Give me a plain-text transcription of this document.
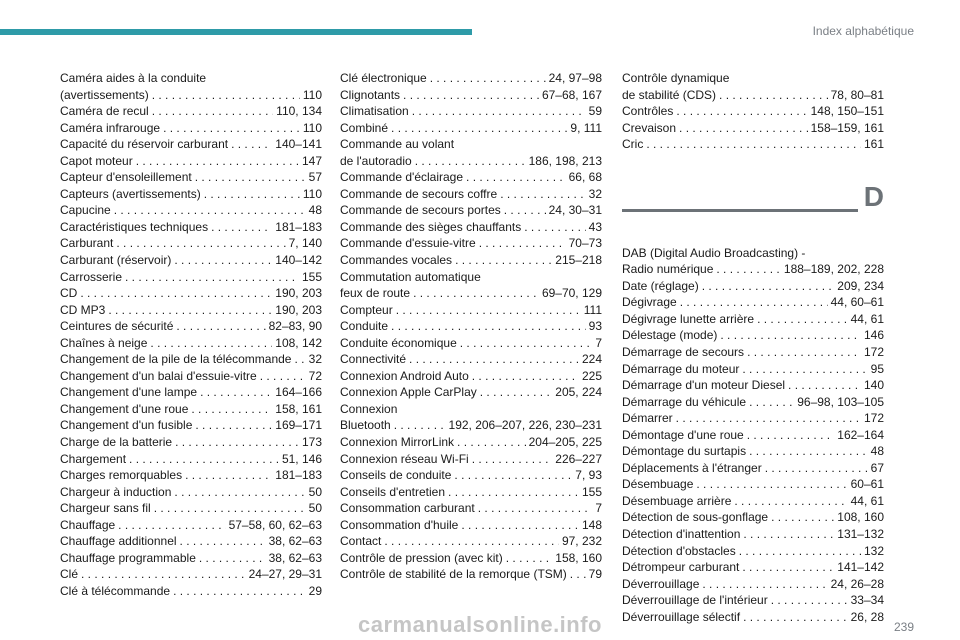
Index alphabétique
Caméra aides à la conduite
(avertissements) . . .	110
Caméra de recul . . .	110, 134
Caméra infrarouge . . .	110
Capacité du réservoir carburant . . .	140–141
Capot moteur . . .	147
Capteur d'ensoleillement . . .	57
Capteurs (avertissements) . . .	110
Capucine . . .	48
Caractéristiques techniques . . .	181–183
Carburant . . .	7, 140
Carburant (réservoir) . . .	140–142
Carrosserie . . .	155
CD . . .	190, 203
CD MP3 . . .	190, 203
Ceintures de sécurité . . .	82–83, 90
Chaînes à neige . . .	108, 142
Changement de la pile de la télécommande . . . 32
Changement d'un balai d'essuie-vitre . . .	72
Changement d'une lampe . . .	164–166
Changement d'une roue . . .	158, 161
Changement d'un fusible . . .	169–171
Charge de la batterie . . .	173
Chargement . . .	51, 146
Charges remorquables . . .	181–183
Chargeur à induction . . .	50
Chargeur sans fil . . .	50
Chauffage . . .	57–58, 60, 62–63
Chauffage additionnel . . .	38, 62–63
Chauffage programmable . . .	38, 62–63
Clé . . .	24–27, 29–31
Clé à télécommande . . .	29
Clé électronique . . .	24, 97–98
Clignotants . . .	67–68, 167
Climatisation . . .	59
Combiné . . .	9, 111
Commande au volant
de l'autoradio . . .	186, 198, 213
Commande d'éclairage . . .	66, 68
Commande de secours coffre . . .	32
Commande de secours portes . . .	24, 30–31
Commande des sièges chauffants . . .	43
Commande d'essuie-vitre . . .	70–73
Commandes vocales . . .	215–218
Commutation automatique
feux de route . . .	69–70, 129
Compteur . . .	111
Conduite . . .	93
Conduite économique . . .	7
Connectivité . . .	224
Connexion Android Auto . . .	225
Connexion Apple CarPlay . . .	205, 224
Connexion
Bluetooth . . .	192, 206–207, 226, 230–231
Connexion MirrorLink . . .	204–205, 225
Connexion réseau Wi-Fi . . .	226–227
Conseils de conduite . . .	7, 93
Conseils d'entretien . . .	155
Consommation carburant . . .	7
Consommation d'huile . . .	148
Contact . . .	97, 232
Contrôle de pression (avec kit) . . .	158, 160
Contrôle de stabilité de la remorque (TSM) . . . 79
Contrôle dynamique
de stabilité (CDS) . . .	78, 80–81
Contrôles . . .	148, 150–151
Crevaison . . .	158–159, 161
Cric . . .	161
D
DAB (Digital Audio Broadcasting) -
Radio numérique . . .	188–189, 202, 228
Date (réglage) . . .	209, 234
Dégivrage . . .	44, 60–61
Dégivrage lunette arrière . . .	44, 61
Délestage (mode) . . .	146
Démarrage de secours . . .	172
Démarrage du moteur . . .	95
Démarrage d'un moteur Diesel . . .	140
Démarrage du véhicule . . .	96–98, 103–105
Démarrer . . .	172
Démontage d'une roue . . .	162–164
Démontage du surtapis . . .	48
Déplacements à l'étranger . . .	67
Désembuage . . .	60–61
Désembuage arrière . . .	44, 61
Détection de sous-gonflage . . .	108, 160
Détection d'inattention . . .	131–132
Détection d'obstacles . . .	132
Détrompeur carburant . . .	141–142
Déverrouillage . . .	24, 26–28
Déverrouillage de l'intérieur . . .	33–34
Déverrouillage sélectif . . .	26, 28
239
carmanualsonline.info
